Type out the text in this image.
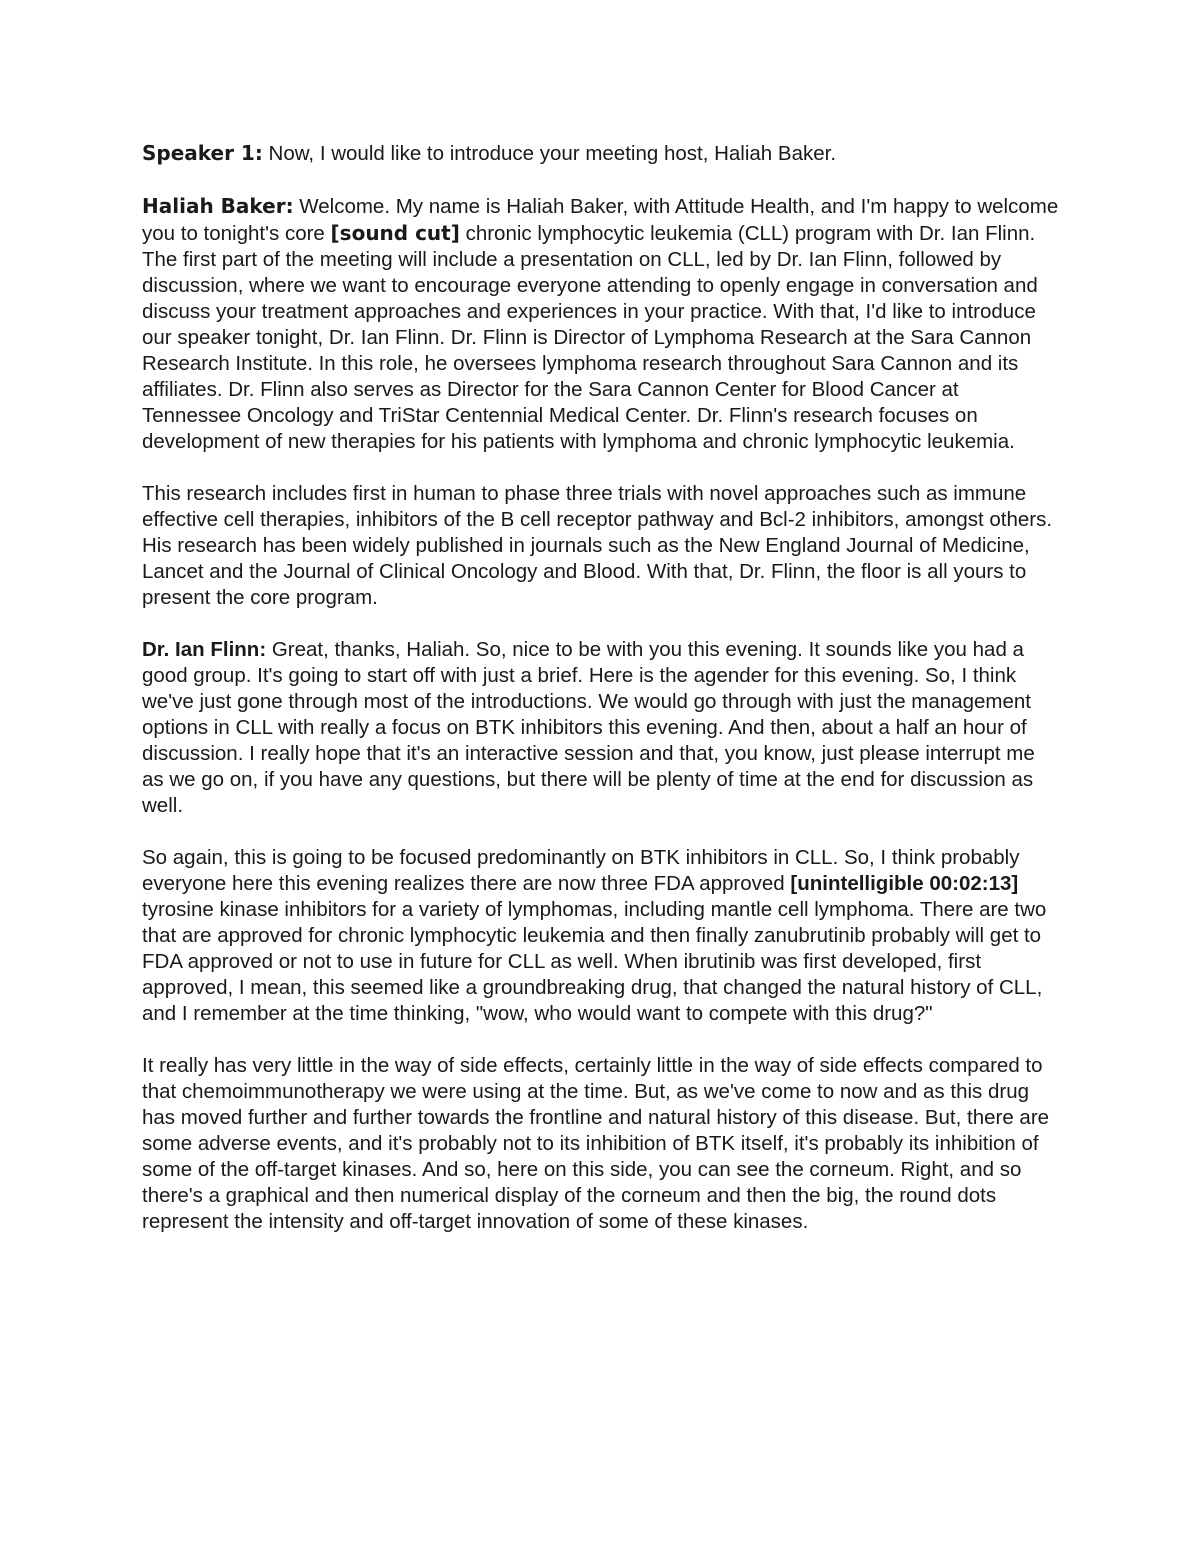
Speaker 1: Now, I would like to introduce your meeting host, Haliah Baker.

Haliah Baker: Welcome. My name is Haliah Baker, with Attitude Health, and I'm happy to welcome you to tonight's core [sound cut] chronic lymphocytic leukemia (CLL) program with Dr. Ian Flinn. The first part of the meeting will include a presentation on CLL, led by Dr. Ian Flinn, followed by discussion, where we want to encourage everyone attending to openly engage in conversation and discuss your treatment approaches and experiences in your practice. With that, I'd like to introduce our speaker tonight, Dr. Ian Flinn. Dr. Flinn is Director of Lymphoma Research at the Sara Cannon Research Institute. In this role, he oversees lymphoma research throughout Sara Cannon and its affiliates. Dr. Flinn also serves as Director for the Sara Cannon Center for Blood Cancer at Tennessee Oncology and TriStar Centennial Medical Center. Dr. Flinn's research focuses on development of new therapies for his patients with lymphoma and chronic lymphocytic leukemia.

This research includes first in human to phase three trials with novel approaches such as immune effective cell therapies, inhibitors of the B cell receptor pathway and Bcl-2 inhibitors, amongst others. His research has been widely published in journals such as the New England Journal of Medicine, Lancet and the Journal of Clinical Oncology and Blood. With that, Dr. Flinn, the floor is all yours to present the core program.

Dr. Ian Flinn: Great, thanks, Haliah. So, nice to be with you this evening. It sounds like you had a good group. It's going to start off with just a brief. Here is the agender for this evening. So, I think we've just gone through most of the introductions. We would go through with just the management options in CLL with really a focus on BTK inhibitors this evening. And then, about a half an hour of discussion. I really hope that it's an interactive session and that, you know, just please interrupt me as we go on, if you have any questions, but there will be plenty of time at the end for discussion as well.

So again, this is going to be focused predominantly on BTK inhibitors in CLL. So, I think probably everyone here this evening realizes there are now three FDA approved [unintelligible 00:02:13] tyrosine kinase inhibitors for a variety of lymphomas, including mantle cell lymphoma. There are two that are approved for chronic lymphocytic leukemia and then finally zanubrutinib probably will get to FDA approved or not to use in future for CLL as well. When ibrutinib was first developed, first approved, I mean, this seemed like a groundbreaking drug, that changed the natural history of CLL, and I remember at the time thinking, "wow, who would want to compete with this drug?"

It really has very little in the way of side effects, certainly little in the way of side effects compared to that chemoimmunotherapy we were using at the time. But, as we've come to now and as this drug has moved further and further towards the frontline and natural history of this disease. But, there are some adverse events, and it's probably not to its inhibition of BTK itself, it's probably its inhibition of some of the off-target kinases. And so, here on this side, you can see the corneum. Right, and so there's a graphical and then numerical display of the corneum and then the big, the round dots represent the intensity and off-target innovation of some of these kinases.
